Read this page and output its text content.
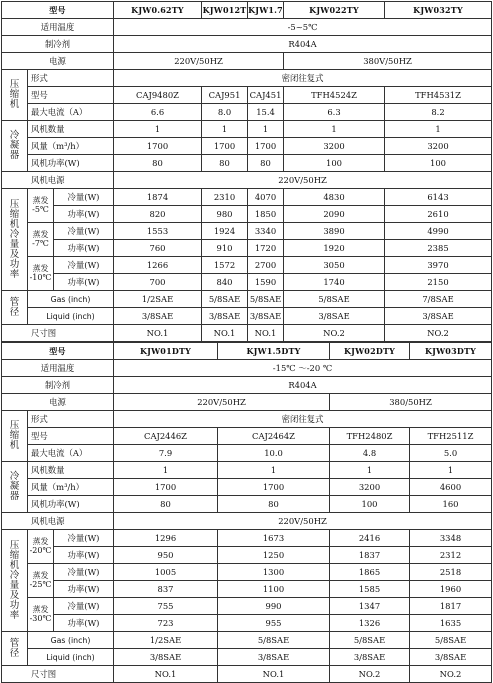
型号			KJW0.62TY	KJW012T	KJW1.7	KJW022TY	KJW032TY
适用温度			-5~5℃				
制冷剂			R404A				
电源			220V/50HZ			380V/50HZ	
压缩机	形式		密闭往复式				
	型号		CAJ9480Z	CAJ951	CAJ451	TFH4524Z	TFH4531Z
	最大电流（A）		6.6	8.0	15.4	6.3	8.2
冷凝器	风机数量		1	1	1	1	1
	风量（m³/h）		1700	1700	1700	3200	3200
	风机功率(W)		80	80	80	100	100
风机电源			220V/50HZ				
压缩机冷量及功率	蒸发 -5℃	冷量(W)	1874	2310	4070	4830	6143
		功率(W)	820	980	1850	2090	2610
	蒸发 -7℃	冷量(W)	1553	1924	3340	3890	4990
		功率(W)	760	910	1720	1920	2385
	蒸发 -10℃	冷量(W)	1266	1572	2700	3050	3970
		功率(W)	700	840	1590	1740	2150
管径	Gas (inch)		1/2SAE	5/8SAE	5/8SAE	5/8SAE	7/8SAE
	Liquid (inch)		3/8SAE	3/8SAE	3/8SAE	3/8SAE	3/8SAE
尺寸图			NO.1	NO.1	NO.1	NO.2	NO.2
型号			KJW01DTY	KJW1.5DTY	KJW02DTY	KJW03DTY
适用温度			-15℃ ～-20 ℃			
制冷剂			R404A			
电源			220V/50HZ		380/50HZ	
压缩机	形式		密闭往复式			
	型号		CAJ2446Z	CAJ2464Z	TFH2480Z	TFH2511Z
	最大电流（A）		7.9	10.0	4.8	5.0
冷凝器	风机数量		1	1	1	1
	风量（m³/h）		1700	1700	3200	4600
	风机功率(W)		80	80	100	160
风机电源			220V/50HZ			
压缩机冷量及功率	蒸发 -20℃	冷量(W)	1296	1673	2416	3348
		功率(W)	950	1250	1837	2312
	蒸发 -25℃	冷量(W)	1005	1300	1865	2518
		功率(W)	837	1100	1585	1960
	蒸发 -30℃	冷量(W)	755	990	1347	1817
		功率(W)	723	955	1326	1635
管径	Gas (inch)		1/2SAE	5/8SAE	5/8SAE	5/8SAE
	Liquid (inch)		3/8SAE	3/8SAE	3/8SAE	3/8SAE
尺寸图			NO.1	NO.1	NO.2	NO.2
